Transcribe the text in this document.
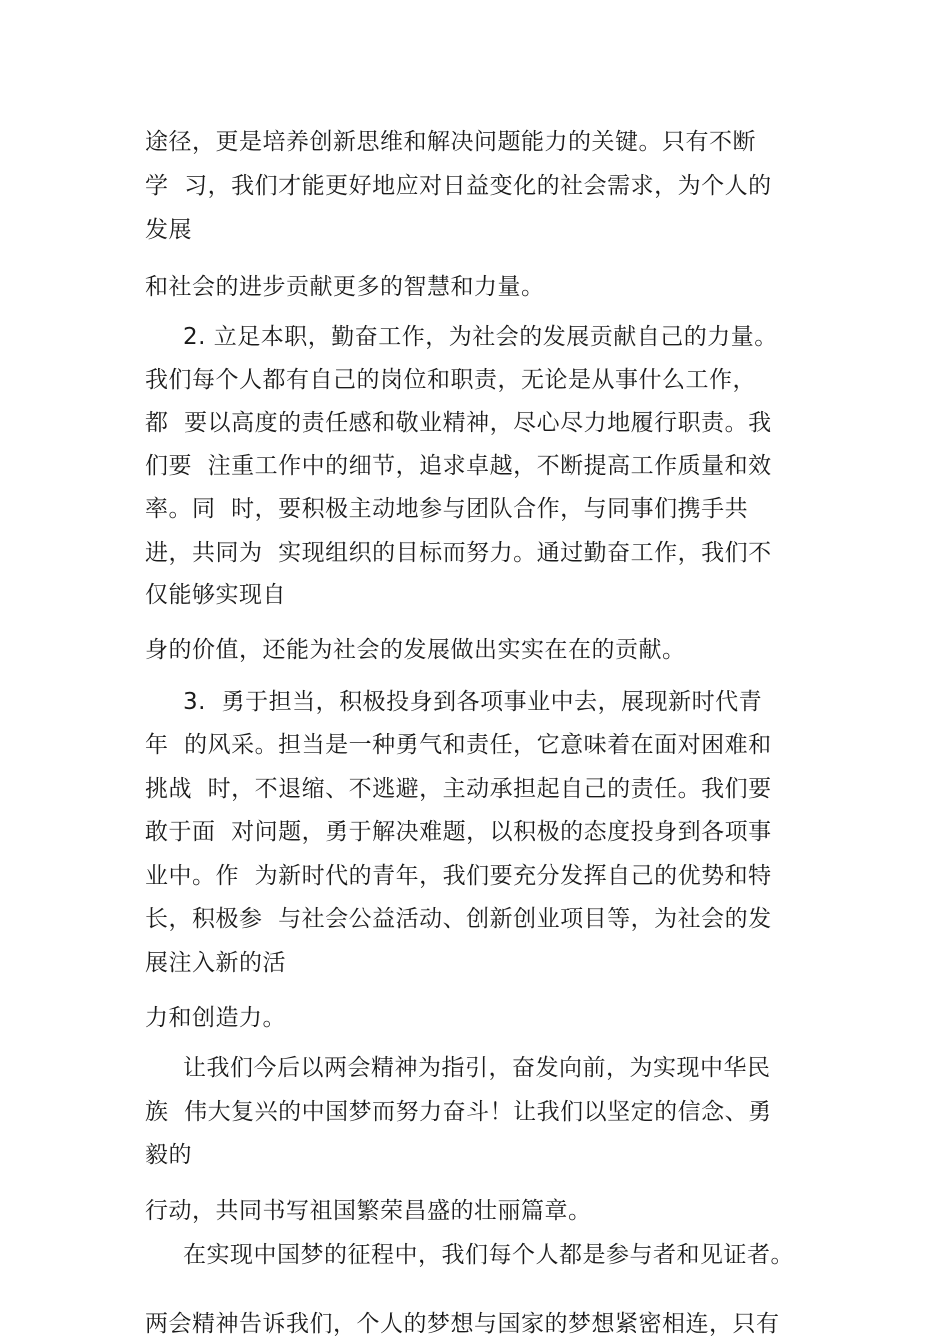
途径，更是培养创新思维和解决问题能力的关键。只有不断
学  习，我们才能更好地应对日益变化的社会需求，为个人的
发展
和社会的进步贡献更多的智慧和力量。
2. 立足本职，勤奋工作，为社会的发展贡献自己的力量。
我们每个人都有自己的岗位和职责，无论是从事什么工作，
都  要以高度的责任感和敬业精神，尽心尽力地履行职责。我
们要  注重工作中的细节，追求卓越，不断提高工作质量和效
率。同  时，要积极主动地参与团队合作，与同事们携手共
进，共同为  实现组织的目标而努力。通过勤奋工作，我们不
仅能够实现自
身的价值，还能为社会的发展做出实实在在的贡献。
3.  勇于担当，积极投身到各项事业中去，展现新时代青
年  的风采。担当是一种勇气和责任，它意味着在面对困难和
挑战  时，不退缩、不逃避，主动承担起自己的责任。我们要
敢于面  对问题，勇于解决难题，以积极的态度投身到各项事
业中。作  为新时代的青年，我们要充分发挥自己的优势和特
长，积极参  与社会公益活动、创新创业项目等，为社会的发
展注入新的活
力和创造力。
让我们今后以两会精神为指引，奋发向前，为实现中华民
族  伟大复兴的中国梦而努力奋斗！让我们以坚定的信念、勇
毅的
行动，共同书写祖国繁荣昌盛的壮丽篇章。
在实现中国梦的征程中，我们每个人都是参与者和见证者。
两会精神告诉我们，个人的梦想与国家的梦想紧密相连，只有
